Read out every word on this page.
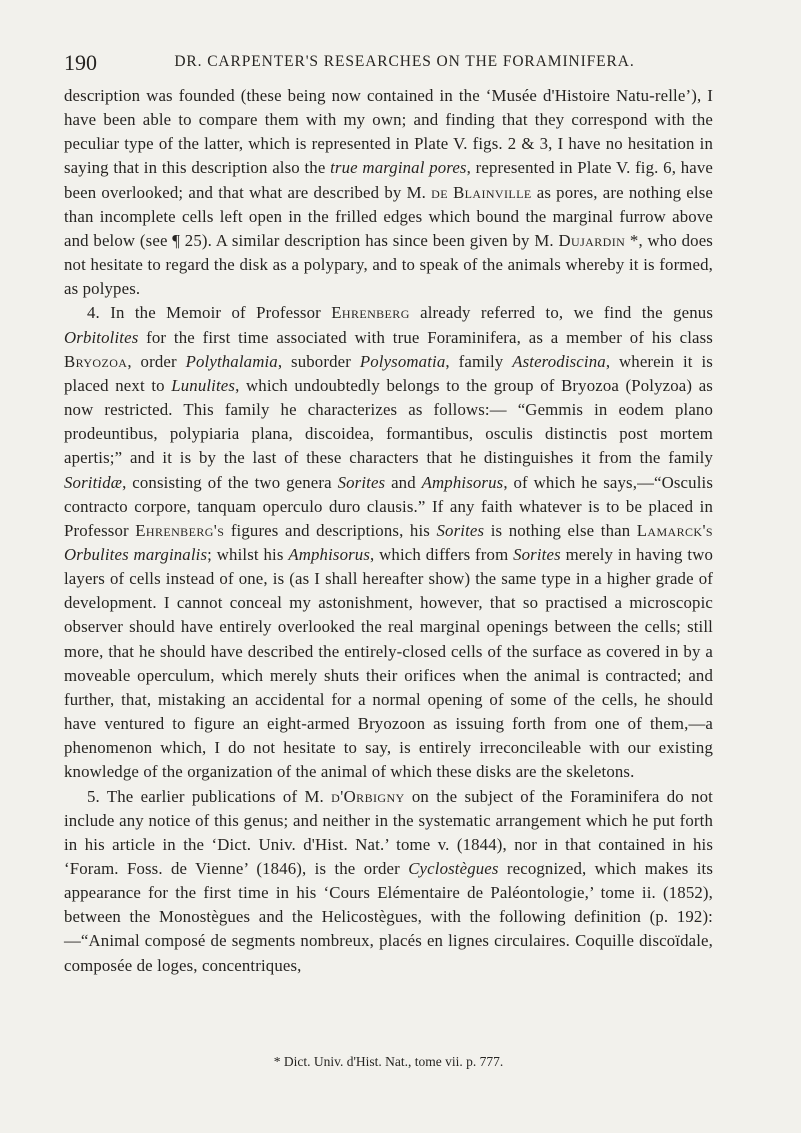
190	DR. CARPENTER'S RESEARCHES ON THE FORAMINIFERA.

description was founded (these being now contained in the ‘Musée d'Histoire Natu-relle’), I have been able to compare them with my own; and finding that they correspond with the peculiar type of the latter, which is represented in Plate V. figs. 2 & 3, I have no hesitation in saying that in this description also the true marginal pores, represented in Plate V. fig. 6, have been overlooked; and that what are described by M. de Blainville as pores, are nothing else than incomplete cells left open in the frilled edges which bound the marginal furrow above and below (see ¶ 25). A similar description has since been given by M. Dujardin *, who does not hesitate to regard the disk as a polypary, and to speak of the animals whereby it is formed, as polypes.

4. In the Memoir of Professor Ehrenberg already referred to, we find the genus Orbitolites for the first time associated with true Foraminifera, as a member of his class Bryozoa, order Polythalamia, suborder Polysomatia, family Asterodiscina, wherein it is placed next to Lunulites, which undoubtedly belongs to the group of Bryozoa (Polyzoa) as now restricted. This family he characterizes as follows:— “Gemmis in eodem plano prodeuntibus, polypiaria plana, discoidea, formantibus, osculis distinctis post mortem apertis;” and it is by the last of these characters that he distinguishes it from the family Soritidæ, consisting of the two genera Sorites and Amphisorus, of which he says,—“Osculis contracto corpore, tanquam operculo duro clausis.” If any faith whatever is to be placed in Professor Ehrenberg's figures and descriptions, his Sorites is nothing else than Lamarck's Orbulites marginalis; whilst his Amphisorus, which differs from Sorites merely in having two layers of cells instead of one, is (as I shall hereafter show) the same type in a higher grade of development. I cannot conceal my astonishment, however, that so practised a microscopic observer should have entirely overlooked the real marginal openings between the cells; still more, that he should have described the entirely-closed cells of the surface as covered in by a moveable operculum, which merely shuts their orifices when the animal is contracted; and further, that, mistaking an accidental for a normal opening of some of the cells, he should have ventured to figure an eight-armed Bryozoon as issuing forth from one of them,—a phenomenon which, I do not hesitate to say, is entirely irreconcileable with our existing knowledge of the organization of the animal of which these disks are the skeletons.

5. The earlier publications of M. d'Orbigny on the subject of the Foraminifera do not include any notice of this genus; and neither in the systematic arrangement which he put forth in his article in the ‘Dict. Univ. d'Hist. Nat.’ tome v. (1844), nor in that contained in his ‘Foram. Foss. de Vienne’ (1846), is the order Cyclostègues recognized, which makes its appearance for the first time in his ‘Cours Elémentaire de Paléontologie,’ tome ii. (1852), between the Monostègues and the Helicostègues, with the following definition (p. 192):—“Animal composé de segments nombreux, placés en lignes circulaires. Coquille discoïdale, composée de loges, concentriques,

* Dict. Univ. d'Hist. Nat., tome vii. p. 777.
